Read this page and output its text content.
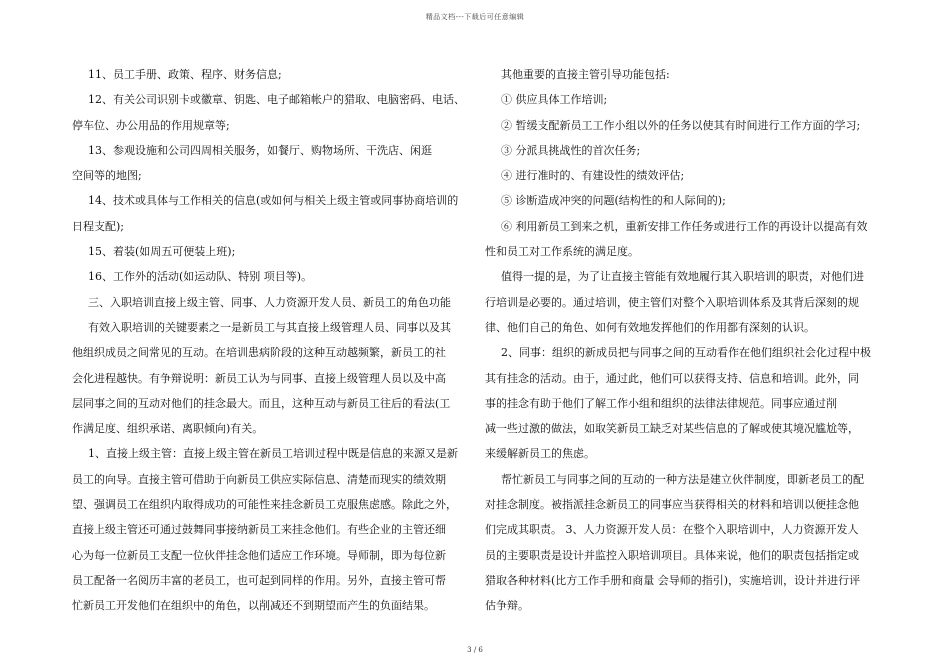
精品文档---下载后可任意编辑

11、员工手册、政策、程序、财务信息;

12、有关公司识别卡或徽章、钥匙、电子邮箱帐户的猎取、电脑密码、电话、

停车位、办公用品的作用规章等;

13、参观设施和公司四周相关服务，如餐厅、购物场所、干洗店、闲逛

空间等的地图;

14、技术或具体与工作相关的信息(或如何与相关上级主管或同事协商培训的

日程支配);

15、着装(如周五可便装上班);

16、工作外的活动(如运动队、特别 项目等)。

三、入职培训直接上级主管、同事、人力资源开发人员、新员工的角色功能

有效入职培训的关键要素之一是新员工与其直接上级管理人员、同事以及其

他组织成员之间常见的互动。在培训患病阶段的这种互动越频繁，新员工的社

会化进程越快。有争辩说明：新员工认为与同事、直接上级管理人员以及中高

层同事之间的互动对他们的挂念最大。而且，这种互动与新员工往后的看法(工

作满足度、组织承诺、离职倾向)有关。

1、直接上级主管：直接上级主管在新员工培训过程中既是信息的来源又是新

员工的向导。直接主管可借助于向新员工供应实际信息、清楚而现实的绩效期

望、强调员工在组织内取得成功的可能性来挂念新员工克服焦虑感。除此之外，

直接上级主管还可通过鼓舞同事接纳新员工来挂念他们。有些企业的主管还细

心为每一位新员工支配一位伙伴挂念他们适应工作环境。导师制，即为每位新

员工配备一名阅历丰富的老员工，也可起到同样的作用。另外，直接主管可帮

忙新员工开发他们在组织中的角色，以削减还不到期望而产生的负面结果。

其他重要的直接主管引导功能包括:

① 供应具体工作培训;

② 暂缓支配新员工工作小组以外的任务以使其有时间进行工作方面的学习;

③ 分派具挑战性的首次任务;

④ 进行准时的、有建设性的绩效评估;

⑤ 诊断造成冲突的问题(结构性的和人际间的);

⑥ 利用新员工到来之机，重新安排工作任务或进行工作的再设计以提高有效

性和员工对工作系统的满足度。

值得一提的是，为了让直接主管能有效地履行其入职培训的职责，对他们进

行培训是必要的。通过培训，使主管们对整个入职培训体系及其背后深刻的规

律、他们自己的角色、如何有效地发挥他们的作用都有深刻的认识。

2、同事：组织的新成员把与同事之间的互动看作在他们组织社会化过程中极

其有挂念的活动。由于，通过此，他们可以获得支持、信息和培训。此外，同

事的挂念有助于他们了解工作小组和组织的法律法律规范。同事应通过削

减一些过激的做法，如取笑新员工缺乏对某些信息的了解或使其境况尴尬等，

来缓解新员工的焦虑。

帮忙新员工与同事之间的互动的一种方法是建立伙伴制度，即新老员工的配

对挂念制度。被指派挂念新员工的同事应当获得相关的材料和培训以便挂念他

们完成其职责。 3、人力资源开发人员：在整个入职培训中，人力资源开发人

员的主要职责是设计并监控入职培训项目。具体来说，他们的职责包括指定或

猎取各种材料(比方工作手册和商量 会导师的指引)，实施培训，设计并进行评

估争辩。

3 / 6
